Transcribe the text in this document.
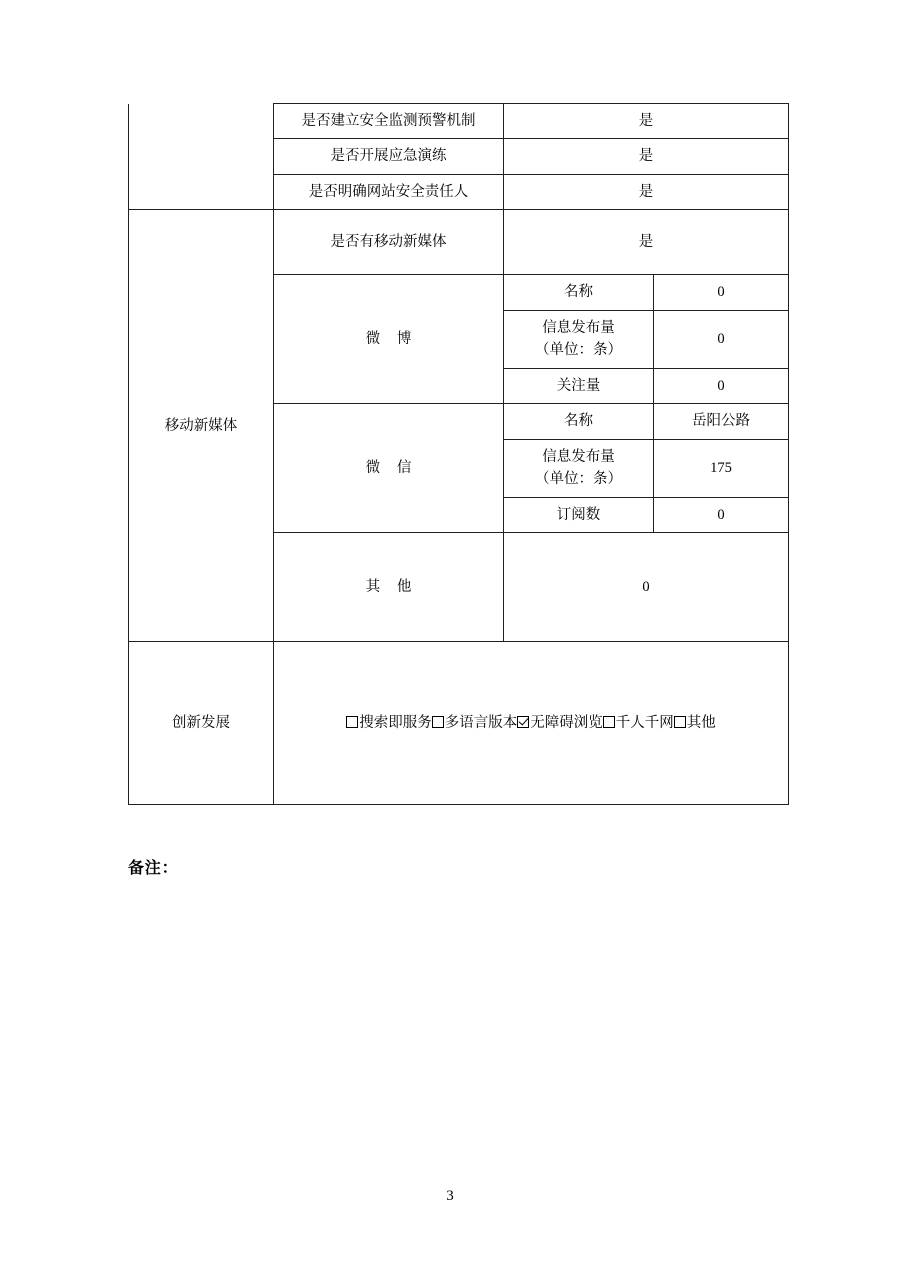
	是否建立安全监测预警机制	是	
	是否开展应急演练	是	
	是否明确网站安全责任人	是	
移动新媒体	是否有移动新媒体	是	
	微 博	名称	0

		信息发布量
（单位：条）	0
		关注量	0
	微 信	名称	岳阳公路

		信息发布量
（单位：条）	175
		订阅数	0
	其 他	0	
创新发展	搜索即服务 多语言版本 无障碍浏览 千人千网 其他		
备注：
3
